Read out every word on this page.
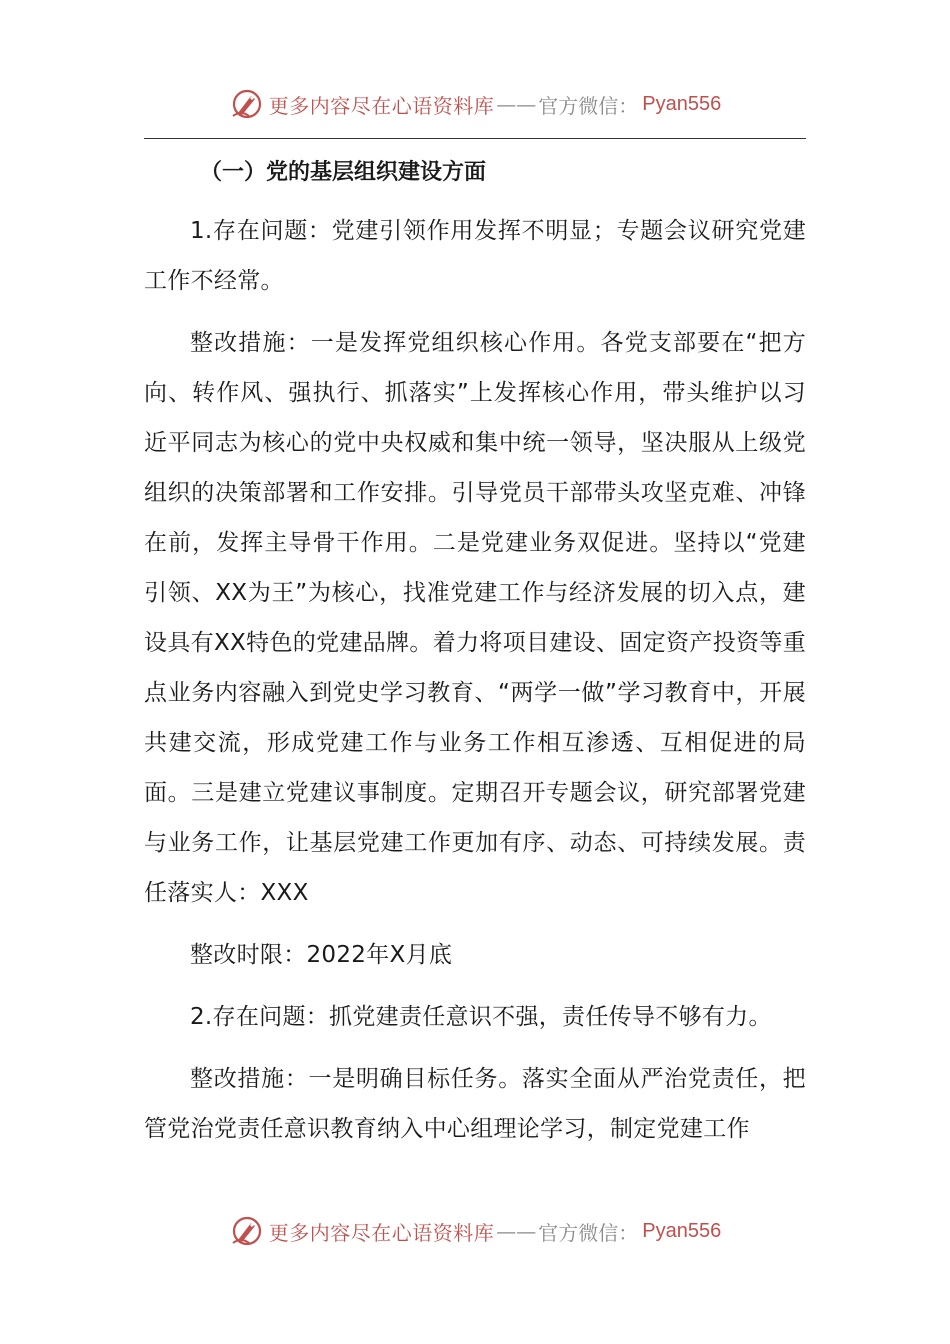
更多内容尽在心语资料库 —— 官方微信： Pyan556
（一）党的基层组织建设方面

1.存在问题：党建引领作用发挥不明显；专题会议研究党建工作不经常。

整改措施：一是发挥党组织核心作用。各党支部要在“把方向、转作风、强执行、抓落实”上发挥核心作用，带头维护以习近平同志为核心的党中央权威和集中统一领导，坚决服从上级党组织的决策部署和工作安排。引导党员干部带头攻坚克难、冲锋在前，发挥主导骨干作用。二是党建业务双促进。坚持以“党建引领、XX为王”为核心，找准党建工作与经济发展的切入点，建设具有XX特色的党建品牌。着力将项目建设、固定资产投资等重点业务内容融入到党史学习教育、“两学一做”学习教育中，开展共建交流，形成党建工作与业务工作相互渗透、互相促进的局面。三是建立党建议事制度。定期召开专题会议，研究部署党建与业务工作，让基层党建工作更加有序、动态、可持续发展。责任落实人：XXX

整改时限：2022年X月底

2.存在问题：抓党建责任意识不强，责任传导不够有力。

整改措施：一是明确目标任务。落实全面从严治党责任，把管党治党责任意识教育纳入中心组理论学习，制定党建工作

更多内容尽在心语资料库 —— 官方微信： Pyan556
